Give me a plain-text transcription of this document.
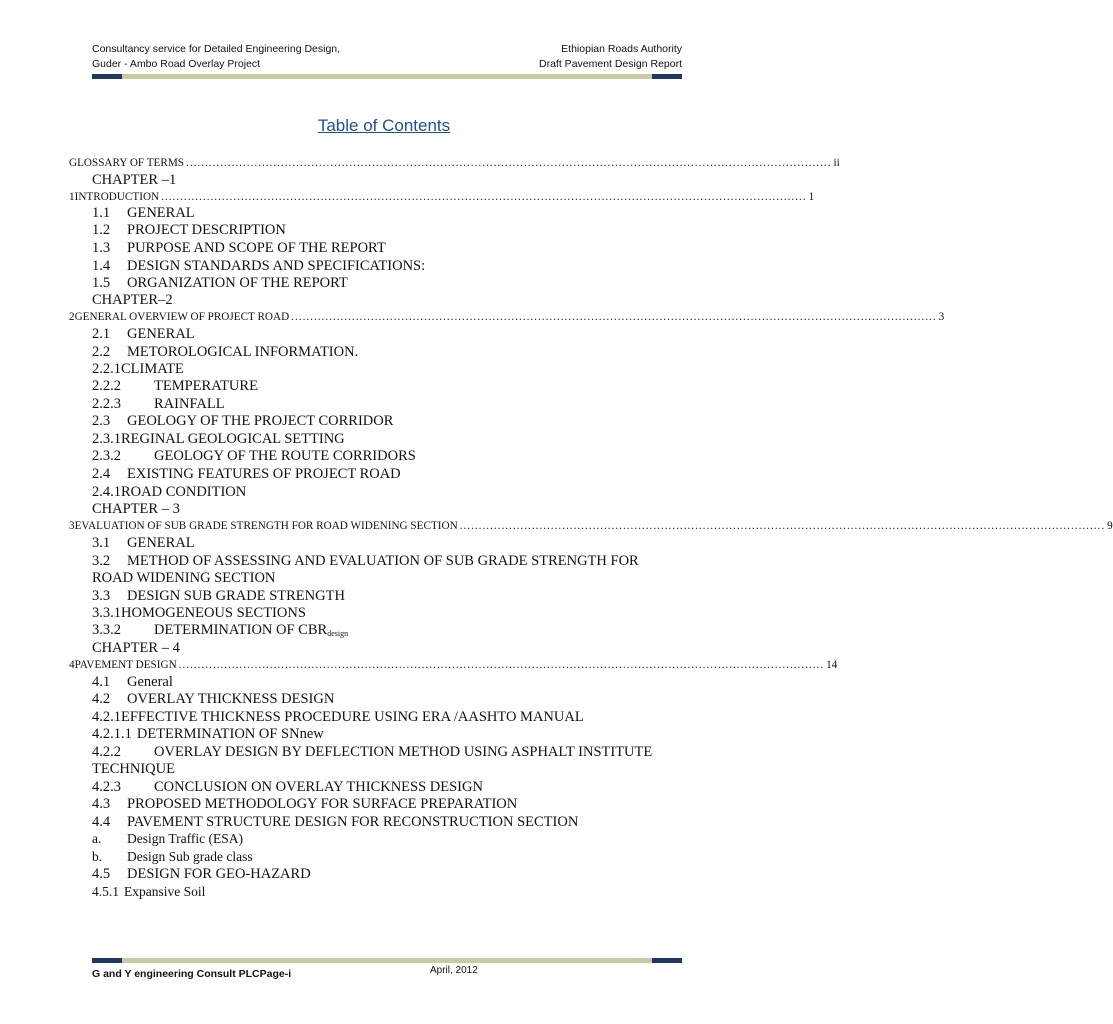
Consultancy service for Detailed Engineering Design,
Guder - Ambo Road Overlay Project
Ethiopian Roads Authority
Draft Pavement Design Report
Table of Contents
GLOSSARY OF TERMS .......................................................................................................................................................................... ii
CHAPTER –1
1INTRODUCTION .......................................................................................................................................................................... 1
1.1 GENERAL
1.2 PROJECT DESCRIPTION
1.3 PURPOSE AND SCOPE OF THE REPORT
1.4 DESIGN STANDARDS AND SPECIFICATIONS:
1.5 ORGANIZATION OF THE REPORT
CHAPTER–2
2GENERAL OVERVIEW OF PROJECT ROAD .......................................................................................................................................................................... 3
2.1 GENERAL
2.2 METOROLOGICAL INFORMATION.
2.2.1CLIMATE
2.2.2 TEMPERATURE
2.2.3 RAINFALL
2.3 GEOLOGY OF THE PROJECT CORRIDOR
2.3.1REGINAL GEOLOGICAL SETTING
2.3.2 GEOLOGY OF THE ROUTE CORRIDORS
2.4 EXISTING FEATURES OF PROJECT ROAD
2.4.1ROAD CONDITION
CHAPTER – 3
3EVALUATION OF SUB GRADE STRENGTH FOR ROAD WIDENING SECTION .......................................................................................................................................................................... 9
3.1 GENERAL
3.2 METHOD OF ASSESSING AND EVALUATION OF SUB GRADE STRENGTH FOR
ROAD WIDENING SECTION
3.3 DESIGN SUB GRADE STRENGTH
3.3.1HOMOGENEOUS SECTIONS
3.3.2 DETERMINATION OF $CBR_{design}$
CHAPTER – 4
4PAVEMENT DESIGN .......................................................................................................................................................................... 14
4.1 General
4.2 OVERLAY THICKNESS DESIGN
4.2.1EFFECTIVE THICKNESS PROCEDURE USING ERA /AASHTO MANUAL
4.2.1.1 DETERMINATION OF SNnew
4.2.2 OVERLAY DESIGN BY DEFLECTION METHOD USING ASPHALT INSTITUTE
TECHNIQUE
4.2.3 CONCLUSION ON OVERLAY THICKNESS DESIGN
4.3 PROPOSED METHODOLOGY FOR SURFACE PREPARATION
4.4 PAVEMENT STRUCTURE DESIGN FOR RECONSTRUCTION SECTION
a. Design Traffic (ESA)
b. Design Sub grade class
4.5 DESIGN FOR GEO-HAZARD
4.5.1 Expansive Soil
G and Y engineering Consult PLCPage-i	April, 2012
